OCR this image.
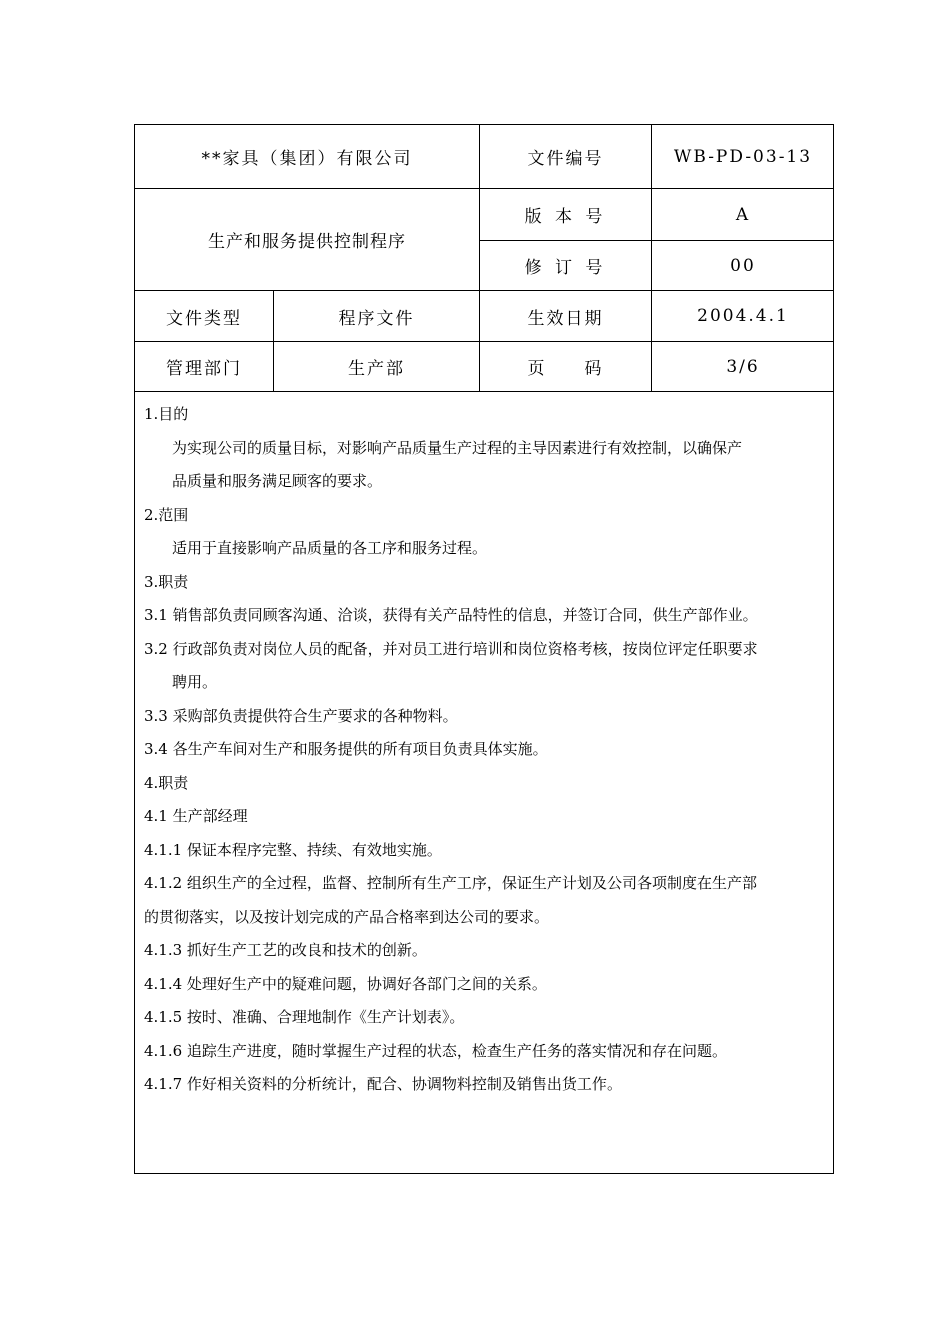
**家具（集团）有限公司	文件编号	WB-PD-03-13
生产和服务提供控制程序
版 本 号	A
修 订 号	00
文件类型	程序文件	生效日期	2004.4.1
管理部门	生产部	页　　码	3/6
1.目的
为实现公司的质量目标，对影响产品质量生产过程的主导因素进行有效控制，以确保产
品质量和服务满足顾客的要求。
2.范围
适用于直接影响产品质量的各工序和服务过程。
3.职责
3.1 销售部负责同顾客沟通、洽谈，获得有关产品特性的信息，并签订合同，供生产部作业。
3.2 行政部负责对岗位人员的配备，并对员工进行培训和岗位资格考核，按岗位评定任职要求
聘用。
3.3 采购部负责提供符合生产要求的各种物料。
3.4 各生产车间对生产和服务提供的所有项目负责具体实施。
4.职责
4.1 生产部经理
4.1.1 保证本程序完整、持续、有效地实施。
4.1.2 组织生产的全过程，监督、控制所有生产工序，保证生产计划及公司各项制度在生产部
的贯彻落实，以及按计划完成的产品合格率到达公司的要求。
4.1.3 抓好生产工艺的改良和技术的创新。
4.1.4 处理好生产中的疑难问题，协调好各部门之间的关系。
4.1.5 按时、准确、合理地制作《生产计划表》。
4.1.6 追踪生产进度，随时掌握生产过程的状态，检查生产任务的落实情况和存在问题。
4.1.7 作好相关资料的分析统计，配合、协调物料控制及销售出货工作。
